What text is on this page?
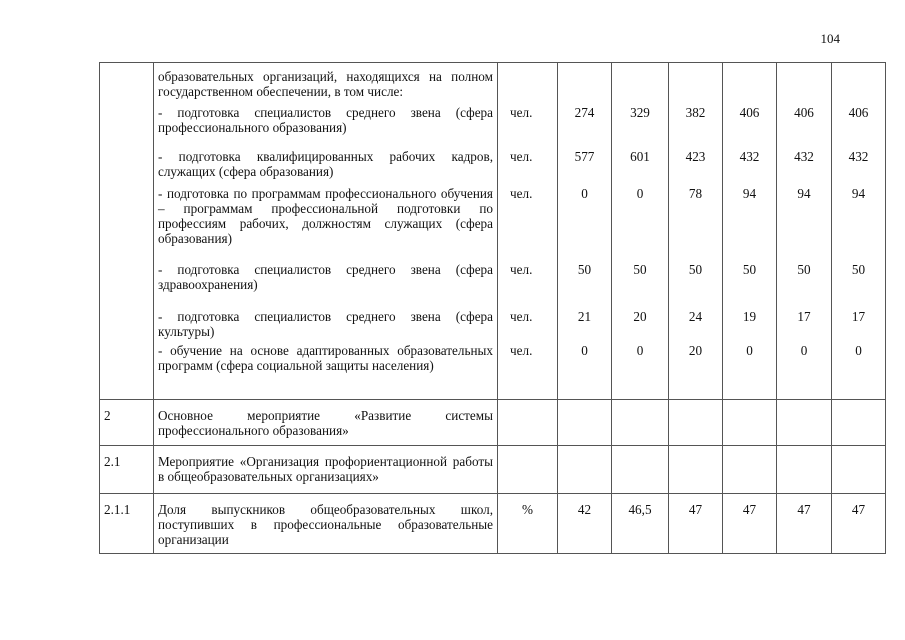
104

	образовательных организаций, находящихся на полном государственном обеспечении, в том числе:							

	- подготовка специалистов среднего звена (сфера профессионального образования)	чел.	274	329	382	406	406	406

	- подготовка квалифицированных рабочих кадров, служащих (сфера образования)	чел.	577	601	423	432	432	432

	- подготовка по программам профессионального обучения – программам профессиональной подготовки по профессиям рабочих, должностям служащих (сфера образования)	чел.	0	0	78	94	94	94

	- подготовка специалистов среднего звена (сфера здравоохранения)	чел.	50	50	50	50	50	50

	- подготовка специалистов среднего звена (сфера культуры)	чел.	21	20	24	19	17	17

	- обучение на основе адаптированных образовательных программ (сфера социальной защиты населения)	чел.	0	0	20	0	0	0
2	Основное мероприятие «Развитие системы профессионального образования»							

2.1	Мероприятие «Организация профориентационной работы в общеобразовательных организациях»							

2.1.1	Доля выпускников общеобразовательных школ, поступивших в профессиональные образовательные организации	%	42	46,5	47	47	47	47
